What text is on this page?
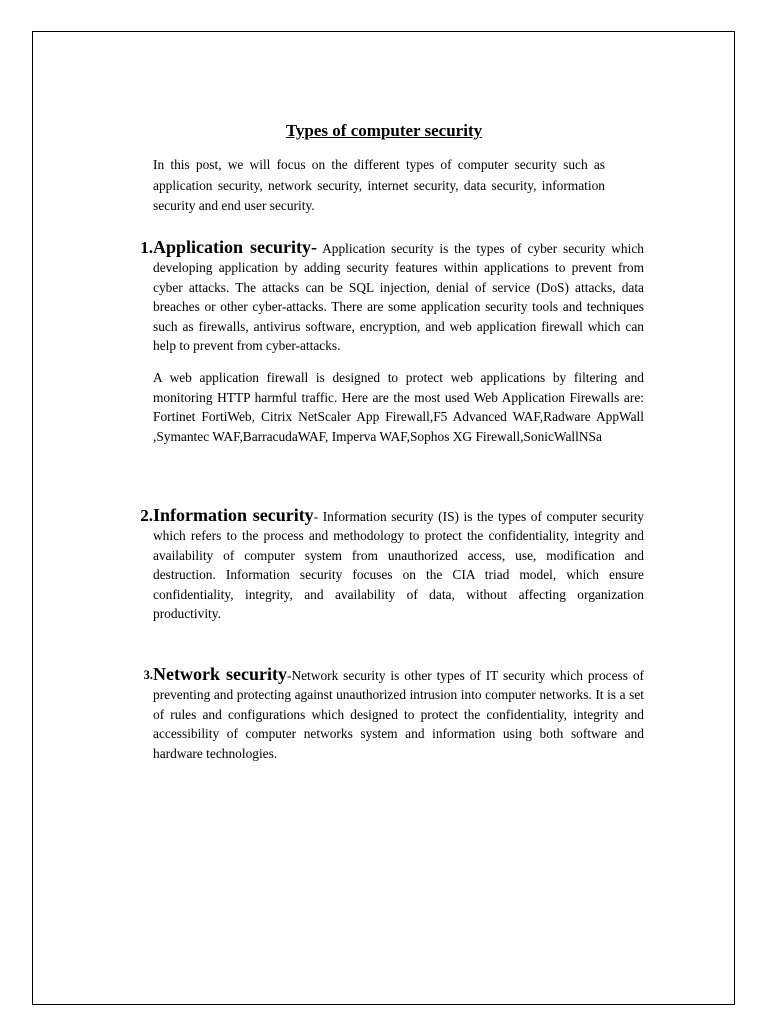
Types of computer security

In this post, we will focus on the different types of computer security such as application security, network security, internet security, data security, information security and end user security.

1. Application security- Application security is the types of cyber security which developing application by adding security features within applications to prevent from cyber attacks. The attacks can be SQL injection, denial of service (DoS) attacks, data breaches or other cyber-attacks. There are some application security tools and techniques such as firewalls, antivirus software, encryption, and web application firewall which can help to prevent from cyber-attacks.

A web application firewall is designed to protect web applications by filtering and monitoring HTTP harmful traffic. Here are the most used Web Application Firewalls are: Fortinet FortiWeb, Citrix NetScaler App Firewall,F5 Advanced WAF,Radware AppWall ,Symantec WAF,BarracudaWAF, Imperva WAF,Sophos XG Firewall,SonicWallNSa

2. Information security- Information security (IS) is the types of computer security which refers to the process and methodology to protect the confidentiality, integrity and availability of computer system from unauthorized access, use, modification and destruction. Information security focuses on the CIA triad model, which ensure confidentiality, integrity, and availability of data, without affecting organization productivity.

3. Network security-Network security is other types of IT security which process of preventing and protecting against unauthorized intrusion into computer networks. It is a set of rules and configurations which designed to protect the confidentiality, integrity and accessibility of computer networks system and information using both software and hardware technologies.
